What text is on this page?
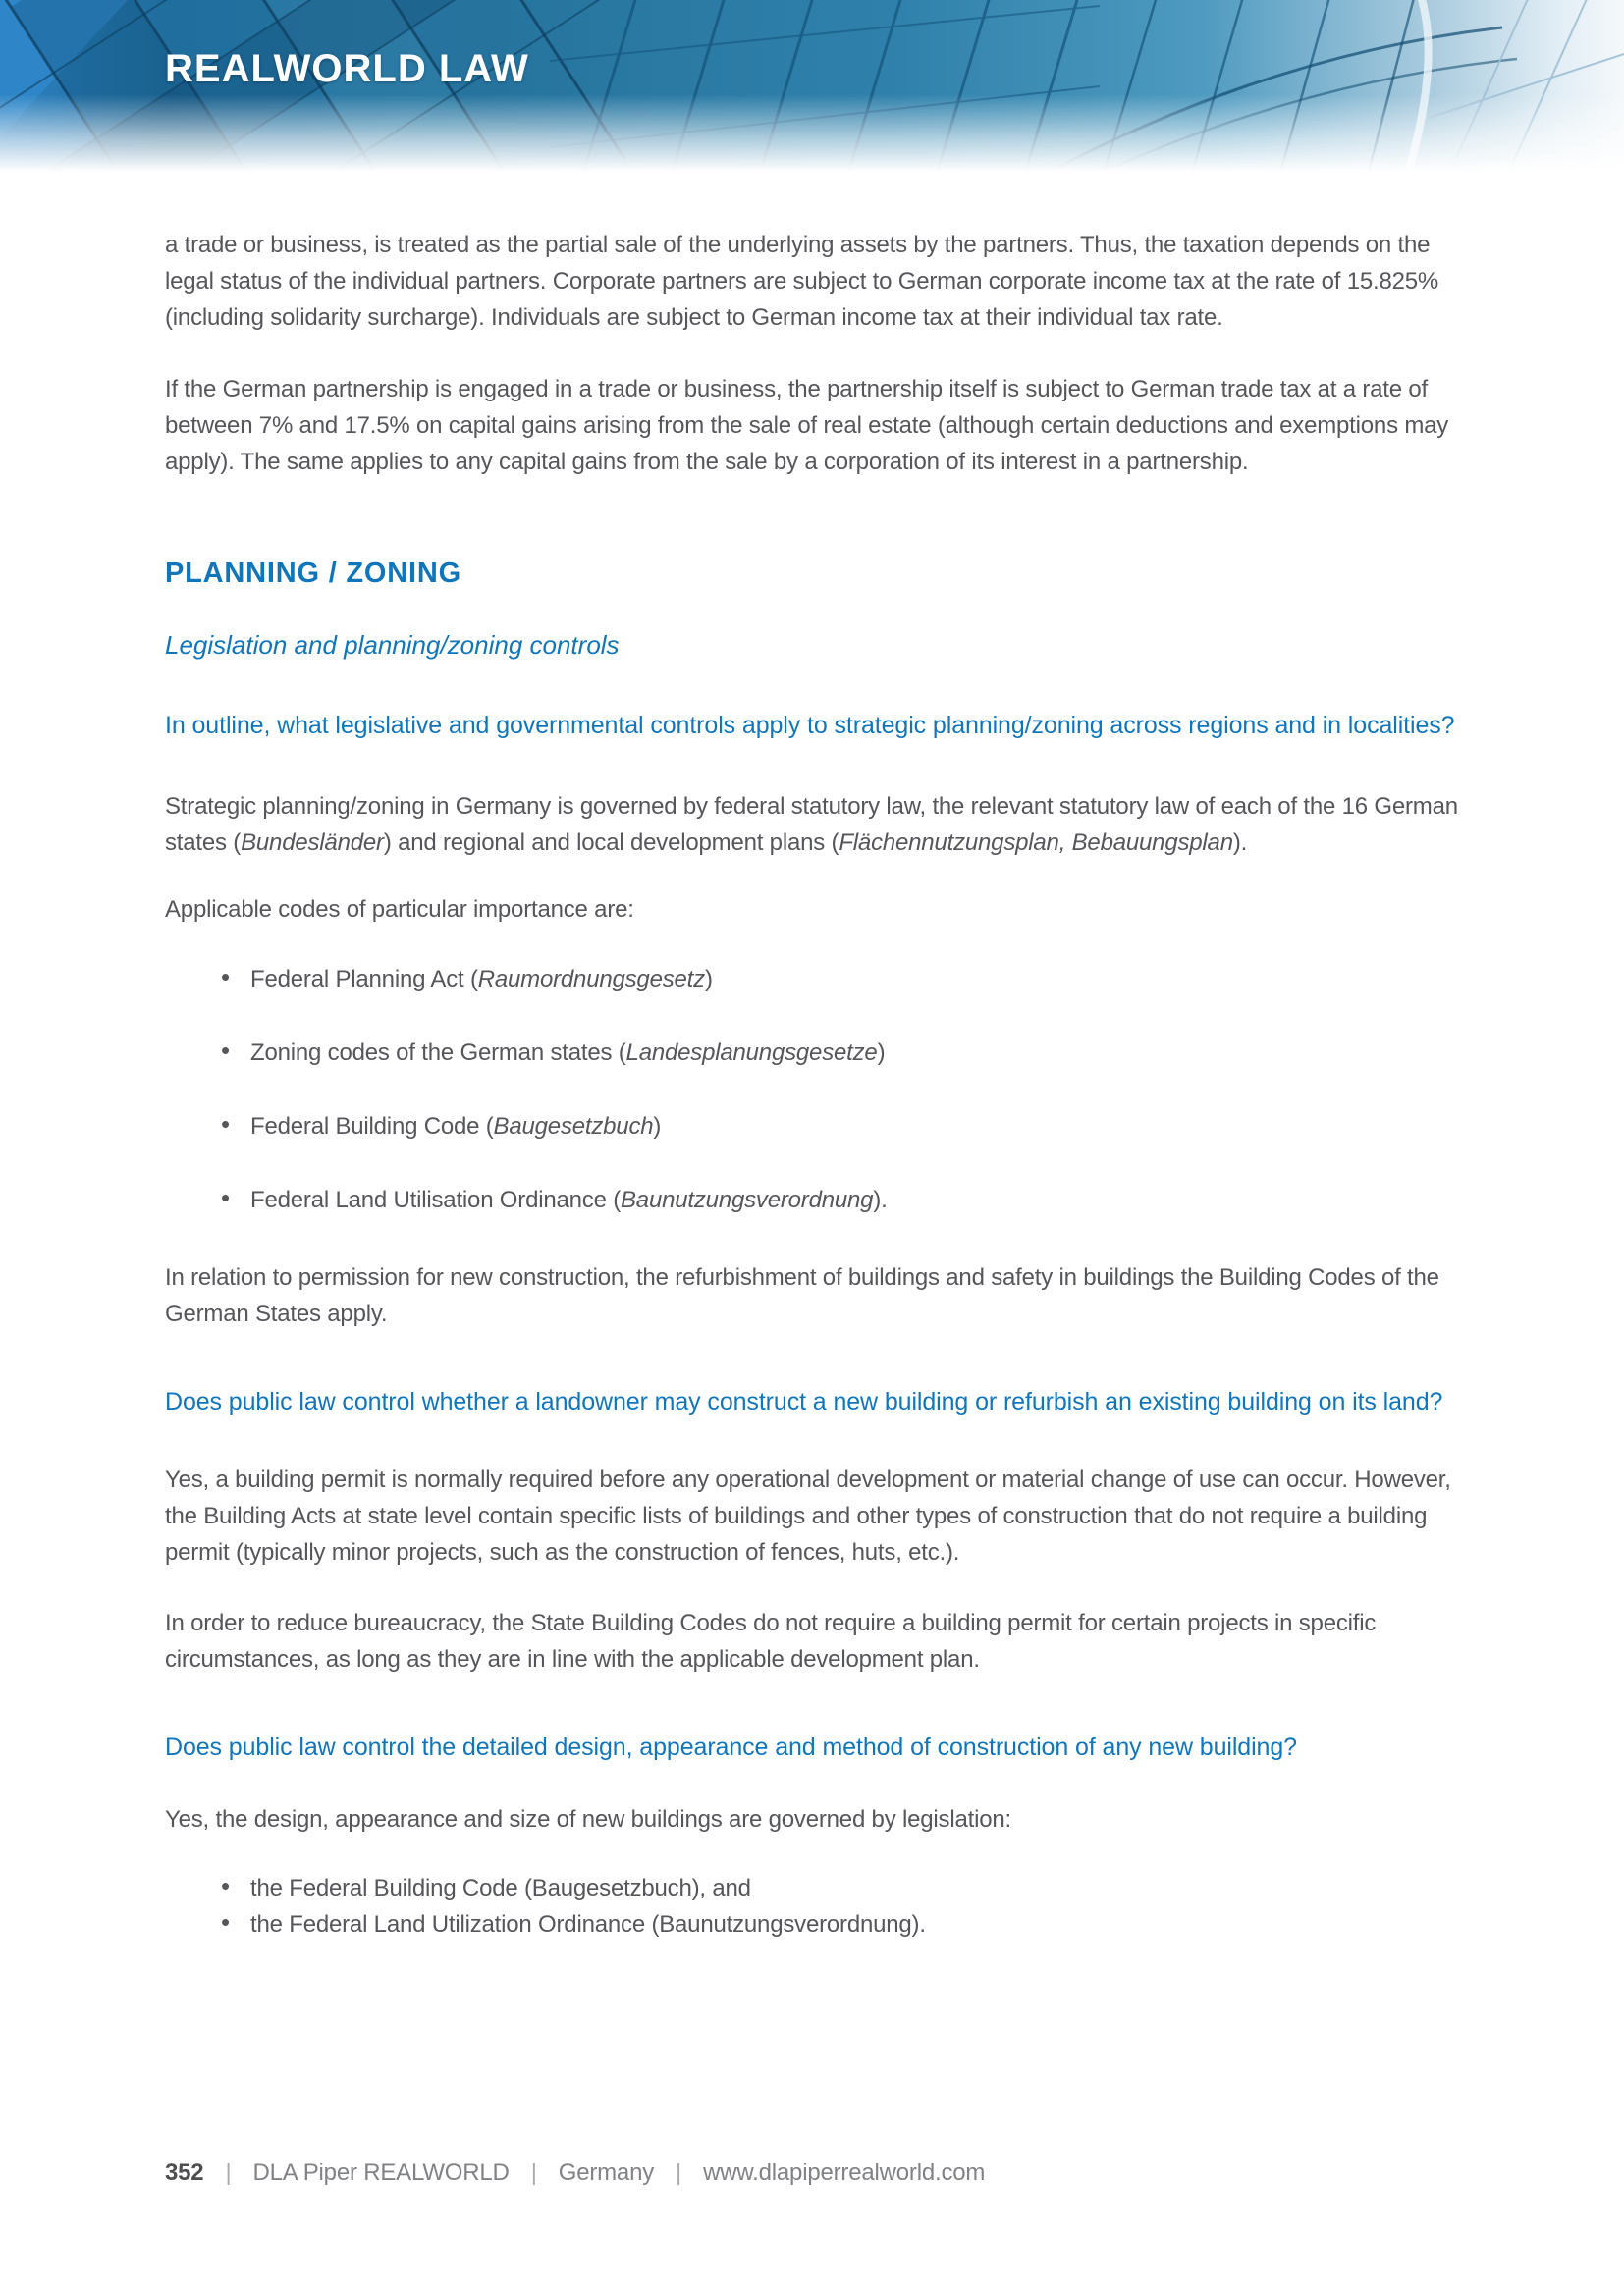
REALWORLD LAW

a trade or business, is treated as the partial sale of the underlying assets by the partners. Thus, the taxation depends on the legal status of the individual partners. Corporate partners are subject to German corporate income tax at the rate of 15.825% (including solidarity surcharge). Individuals are subject to German income tax at their individual tax rate.

If the German partnership is engaged in a trade or business, the partnership itself is subject to German trade tax at a rate of between 7% and 17.5% on capital gains arising from the sale of real estate (although certain deductions and exemptions may apply). The same applies to any capital gains from the sale by a corporation of its interest in a partnership.

PLANNING / ZONING
Legislation and planning/zoning controls
In outline, what legislative and governmental controls apply to strategic planning/zoning across regions and in localities?

Strategic planning/zoning in Germany is governed by federal statutory law, the relevant statutory law of each of the 16 German states (Bundesländer) and regional and local development plans (Flächennutzungsplan, Bebauungsplan).

Applicable codes of particular importance are:

• Federal Planning Act (Raumordnungsgesetz)
• Zoning codes of the German states (Landesplanungsgesetze)
• Federal Building Code (Baugesetzbuch)
• Federal Land Utilisation Ordinance (Baunutzungsverordnung).

In relation to permission for new construction, the refurbishment of buildings and safety in buildings the Building Codes of the German States apply.

Does public law control whether a landowner may construct a new building or refurbish an existing building on its land?

Yes, a building permit is normally required before any operational development or material change of use can occur. However, the Building Acts at state level contain specific lists of buildings and other types of construction that do not require a building permit (typically minor projects, such as the construction of fences, huts, etc.).

In order to reduce bureaucracy, the State Building Codes do not require a building permit for certain projects in specific circumstances, as long as they are in line with the applicable development plan.

Does public law control the detailed design, appearance and method of construction of any new building?

Yes, the design, appearance and size of new buildings are governed by legislation:

• the Federal Building Code (Baugesetzbuch), and
• the Federal Land Utilization Ordinance (Baunutzungsverordnung).
352 | DLA Piper REALWORLD | Germany | www.dlapiperrealworld.com
